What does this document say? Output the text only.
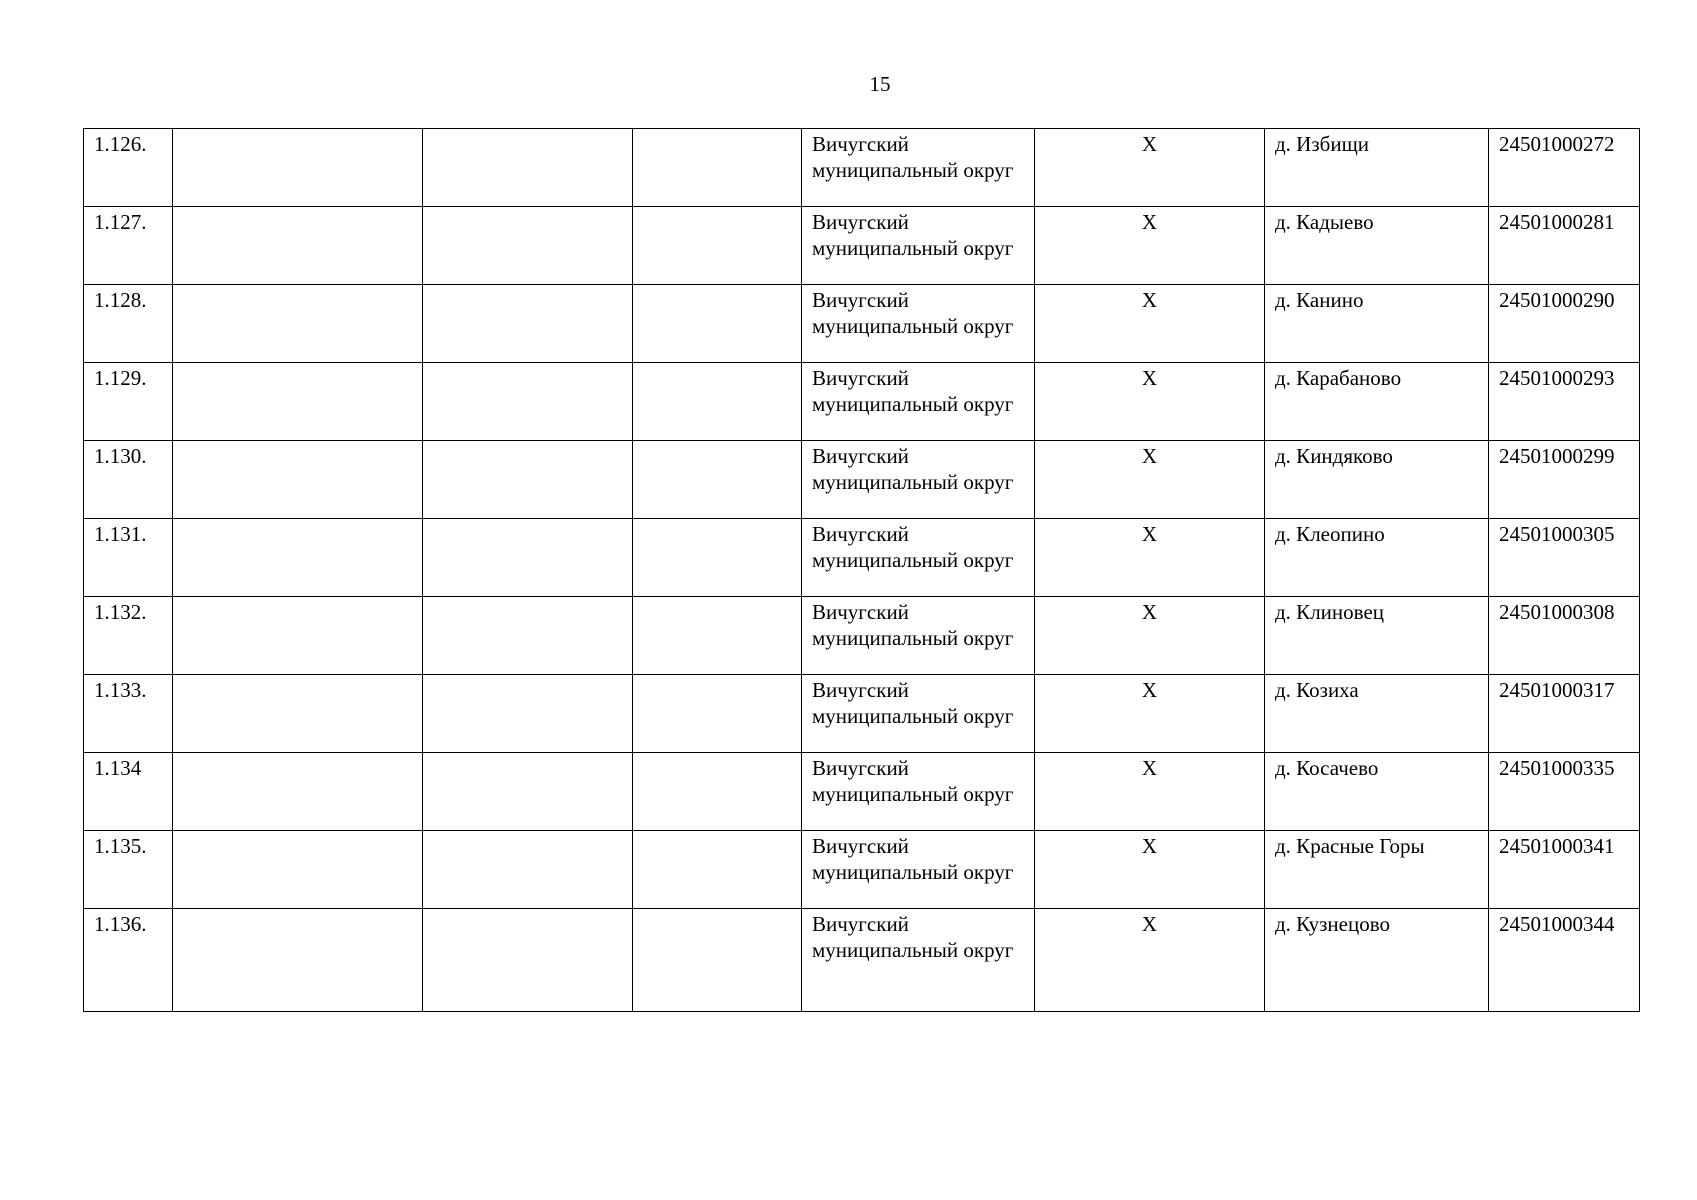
15
1.126.				Вичугский муниципальный округ	Х	д. Избищи	24501000272
1.127.				Вичугский муниципальный округ	Х	д. Кадыево	24501000281
1.128.				Вичугский муниципальный округ	Х	д. Канино	24501000290
1.129.				Вичугский муниципальный округ	Х	д. Карабаново	24501000293
1.130.				Вичугский муниципальный округ	Х	д. Киндяково	24501000299
1.131.				Вичугский муниципальный округ	Х	д. Клеопино	24501000305
1.132.				Вичугский муниципальный округ	Х	д. Клиновец	24501000308
1.133.				Вичугский муниципальный округ	Х	д. Козиха	24501000317
1.134				Вичугский муниципальный округ	Х	д. Косачево	24501000335
1.135.				Вичугский муниципальный округ	Х	д. Красные Горы	24501000341
1.136.				Вичугский муниципальный округ	Х	д. Кузнецово	24501000344
